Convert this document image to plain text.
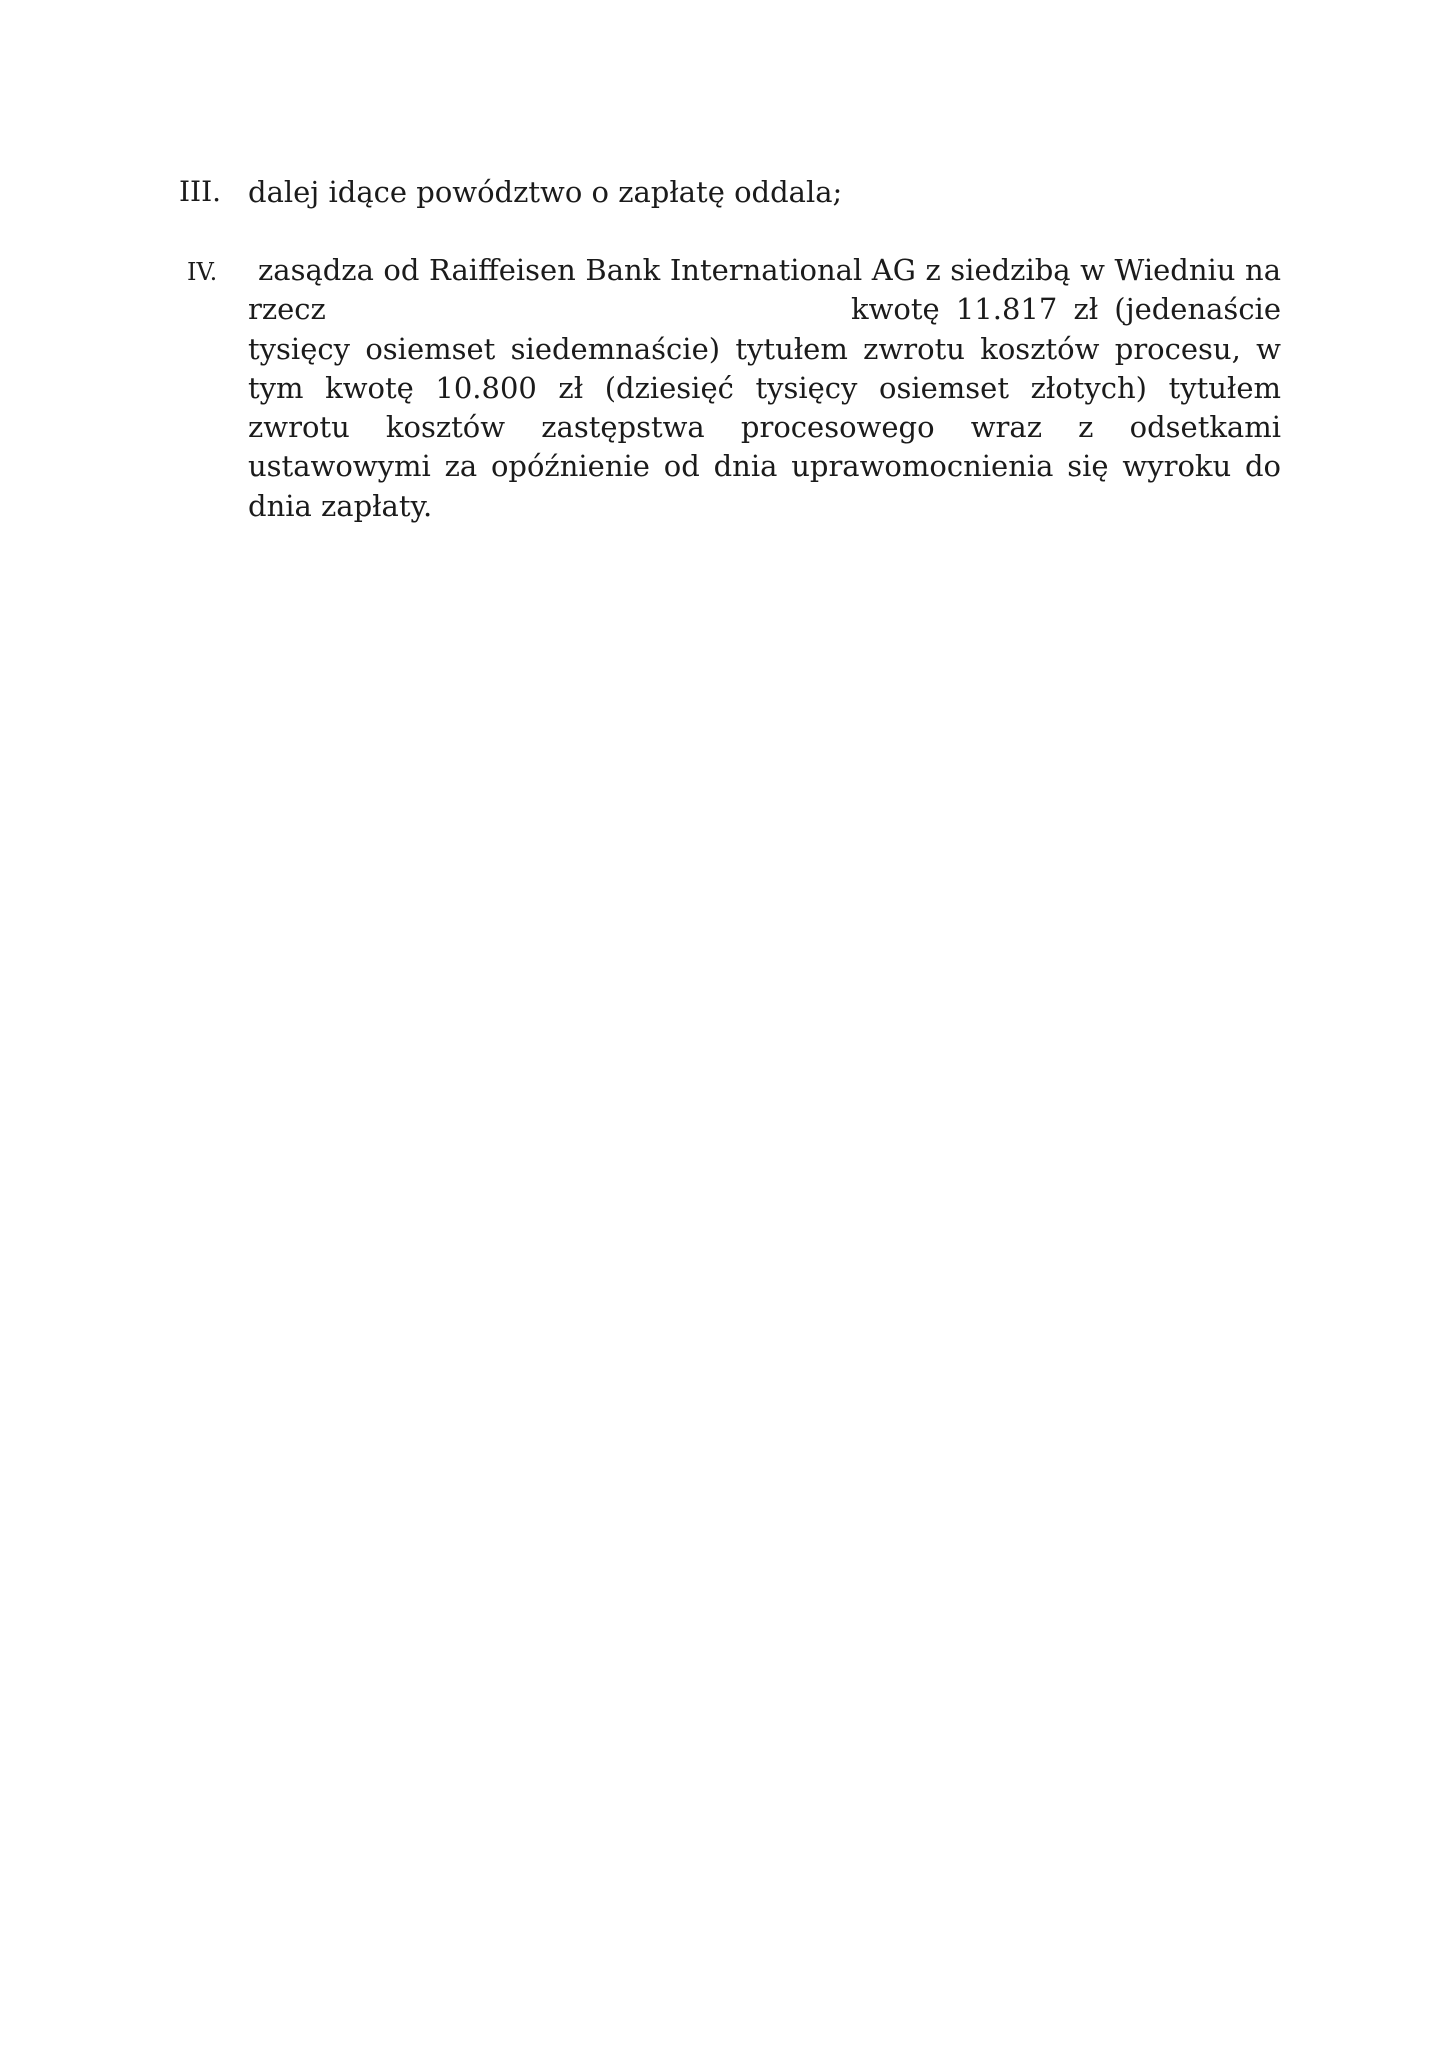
III. dalej idące powództwo o zapłatę oddala;
IV. zasądza od Raiffeisen Bank International AG z siedzibą w Wiedniu na
rzecz	kwotę 11.817 zł (jedenaście
tysięcy osiemset siedemnaście) tytułem zwrotu kosztów procesu, w
tym kwotę 10.800 zł (dziesięć tysięcy osiemset złotych) tytułem
zwrotu kosztów zastępstwa procesowego wraz z odsetkami
ustawowymi za opóźnienie od dnia uprawomocnienia się wyroku do
dnia zapłaty.
